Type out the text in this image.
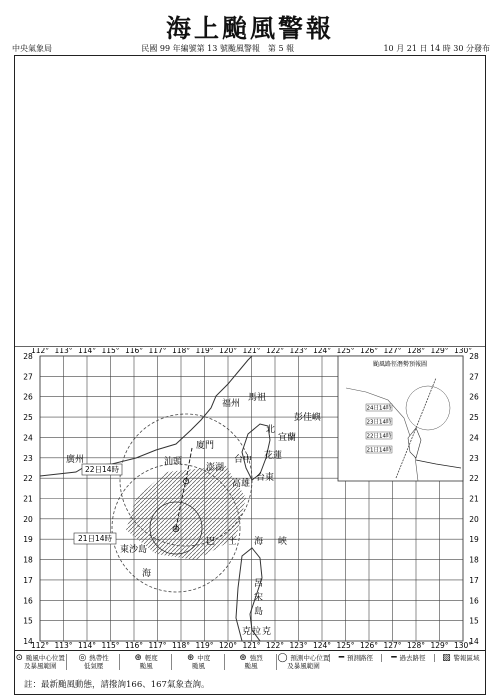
海上颱風警報
中央氣象局	民國 99 年編號第 13 號颱風警報　第 5 報	10 月 21 日 14 時 30 分發布
112°
112°
113°
113°
114°
114°
115°
115°
116°
116°
117°
117°
118°
118°
119°
119°
120°
120°
121°
121°
122°
122°
123°
123°
124°
124°
125°
125°
126°
126°
127°
127°
128°
128°
129°
129°
130°
130°
28	28
27	27
26	26
25	25
24	24
23	23
22	22
21	21
20	20
19	19
18	18
17	17
16	16
15	15
14	14
⊛
⊙
22日14時
21日14時
福州
馬祖
彭佳嶼
北
宜蘭
花蓮
台中
台東
高雄
澎湖
廈門
汕頭
廣州
東沙島
巴 士 海 峽
海
呂
宋
島
克 拉 克
颱風路徑潛勢預報圖
24日14時
23日14時
22日14時
21日14時
⊙ 颱風中心位置
及暴風範圍
◎ 熱帶性
低氣壓
⊛ 輕度
颱風
⊛ 中度
颱風
⊛ 強烈
颱風
◯ 預測中心位置
及暴風範圍
━ 預測路徑	━ 過去路徑	▨ 警報區域

註：最新颱風動態，請撥詢166、167氣象查詢。
